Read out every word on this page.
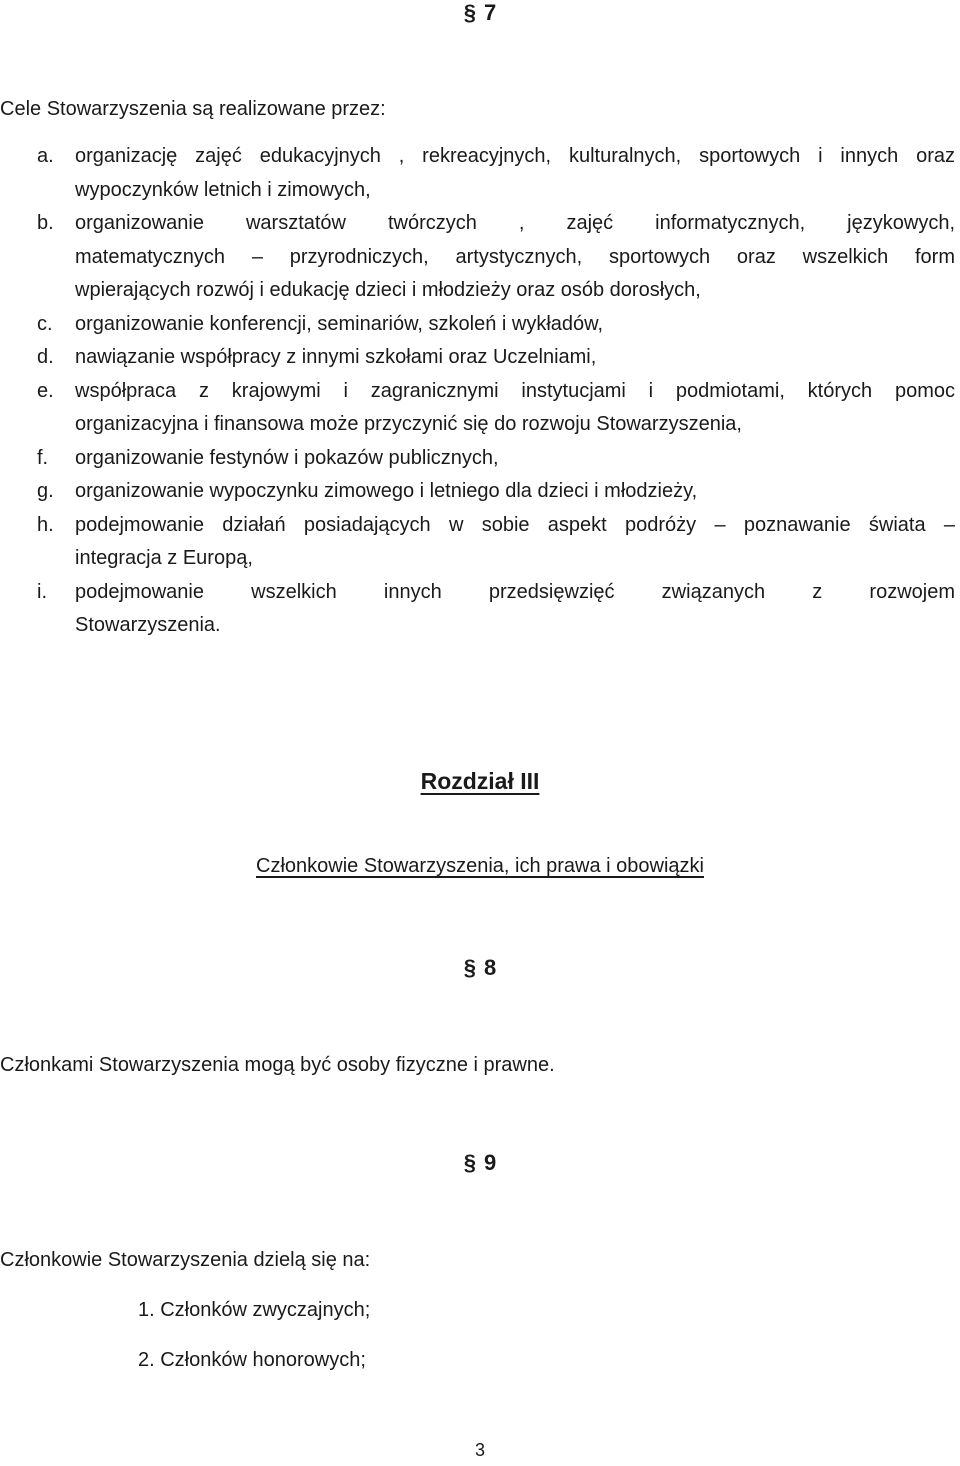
§ 7
Cele Stowarzyszenia są realizowane przez:
a.	organizację zajęć edukacyjnych , rekreacyjnych, kulturalnych, sportowych i innych oraz
wypoczynków letnich i zimowych,
b.	organizowanie warsztatów twórczych , zajęć informatycznych, językowych,
matematycznych – przyrodniczych, artystycznych, sportowych oraz wszelkich form
wpierających rozwój i edukację dzieci i młodzieży oraz osób dorosłych,
c.	organizowanie konferencji, seminariów, szkoleń i wykładów,
d.	nawiązanie współpracy z innymi szkołami oraz Uczelniami,
e.	współpraca z krajowymi i zagranicznymi instytucjami i podmiotami, których pomoc
organizacyjna i finansowa może przyczynić się do rozwoju Stowarzyszenia,
f.	organizowanie festynów i pokazów publicznych,
g.	organizowanie wypoczynku zimowego i letniego dla dzieci i młodzieży,
h.	podejmowanie działań posiadających w sobie aspekt podróży – poznawanie świata –
integracja z Europą,
i.	podejmowanie wszelkich innych przedsięwzięć związanych z rozwojem
Stowarzyszenia.
Rozdział III
Członkowie Stowarzyszenia, ich prawa i obowiązki
§ 8
Członkami Stowarzyszenia mogą być osoby fizyczne i prawne.
§ 9
Członkowie Stowarzyszenia dzielą się na:
1. Członków zwyczajnych;
2. Członków honorowych;
3
